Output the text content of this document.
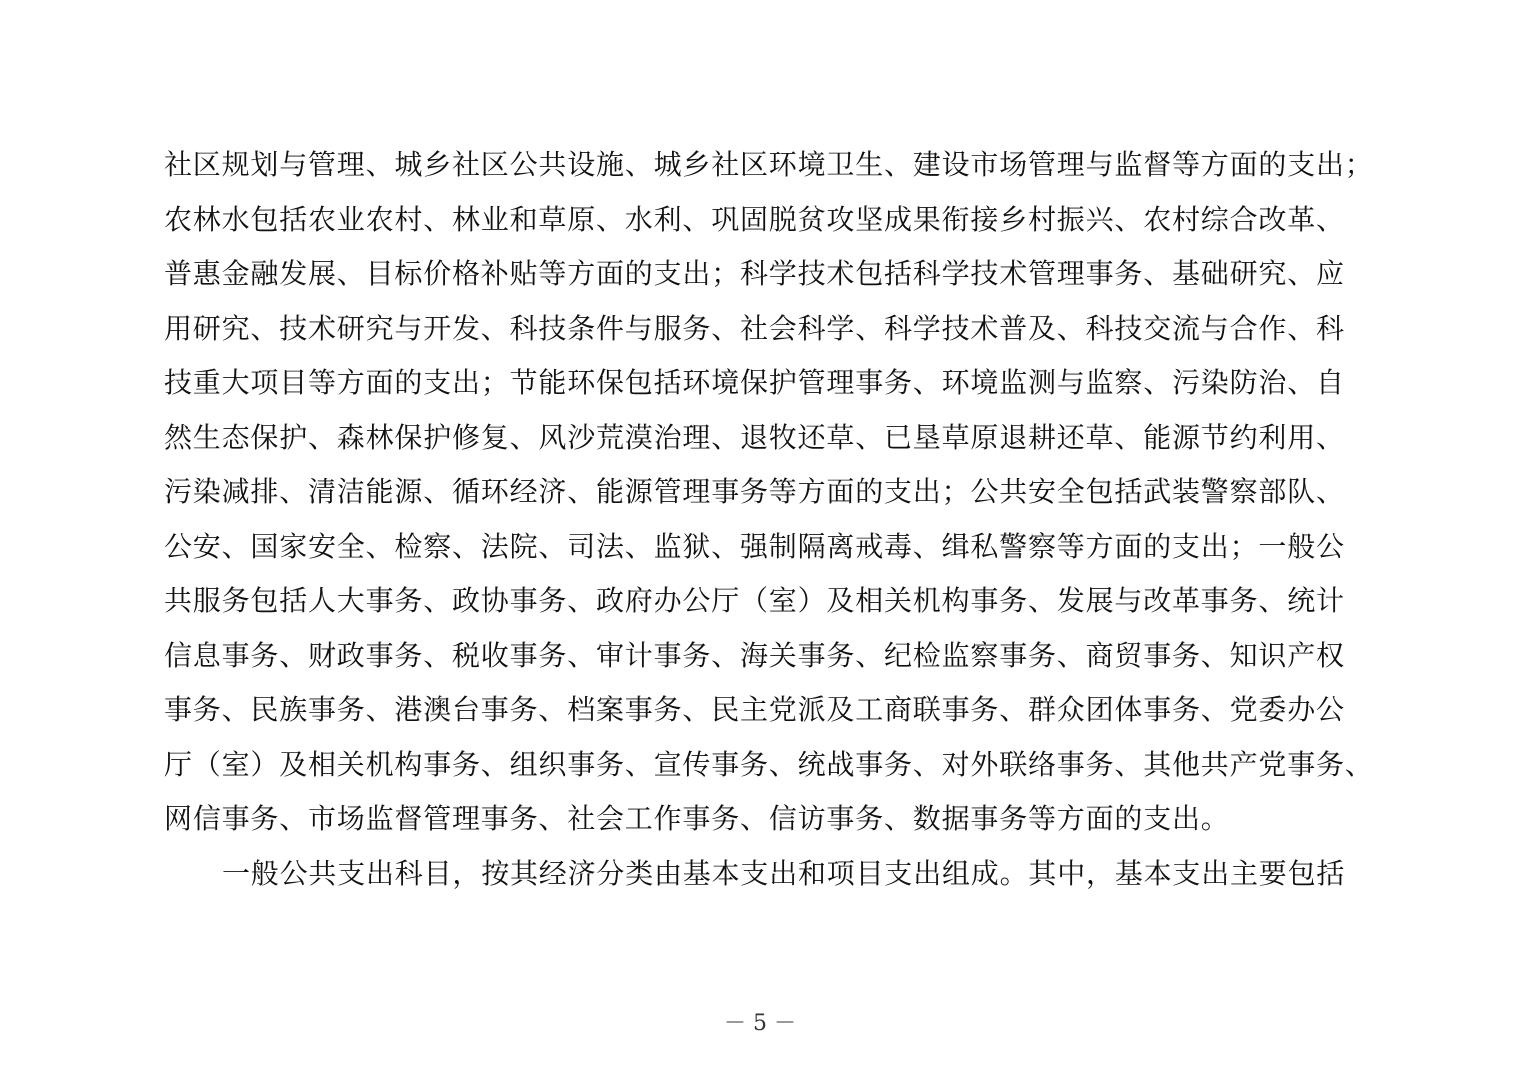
社区规划与管理、城乡社区公共设施、城乡社区环境卫生、建设市场管理与监督等方面的支出；
农林水包括农业农村、林业和草原、水利、巩固脱贫攻坚成果衔接乡村振兴、农村综合改革、
普惠金融发展、目标价格补贴等方面的支出；科学技术包括科学技术管理事务、基础研究、应
用研究、技术研究与开发、科技条件与服务、社会科学、科学技术普及、科技交流与合作、科
技重大项目等方面的支出；节能环保包括环境保护管理事务、环境监测与监察、污染防治、自
然生态保护、森林保护修复、风沙荒漠治理、退牧还草、已垦草原退耕还草、能源节约利用、
污染减排、清洁能源、循环经济、能源管理事务等方面的支出；公共安全包括武装警察部队、
公安、国家安全、检察、法院、司法、监狱、强制隔离戒毒、缉私警察等方面的支出；一般公
共服务包括人大事务、政协事务、政府办公厅（室）及相关机构事务、发展与改革事务、统计
信息事务、财政事务、税收事务、审计事务、海关事务、纪检监察事务、商贸事务、知识产权
事务、民族事务、港澳台事务、档案事务、民主党派及工商联事务、群众团体事务、党委办公
厅（室）及相关机构事务、组织事务、宣传事务、统战事务、对外联络事务、其他共产党事务、
网信事务、市场监督管理事务、社会工作事务、信访事务、数据事务等方面的支出。
一般公共支出科目，按其经济分类由基本支出和项目支出组成。其中，基本支出主要包括
－ 5 －
